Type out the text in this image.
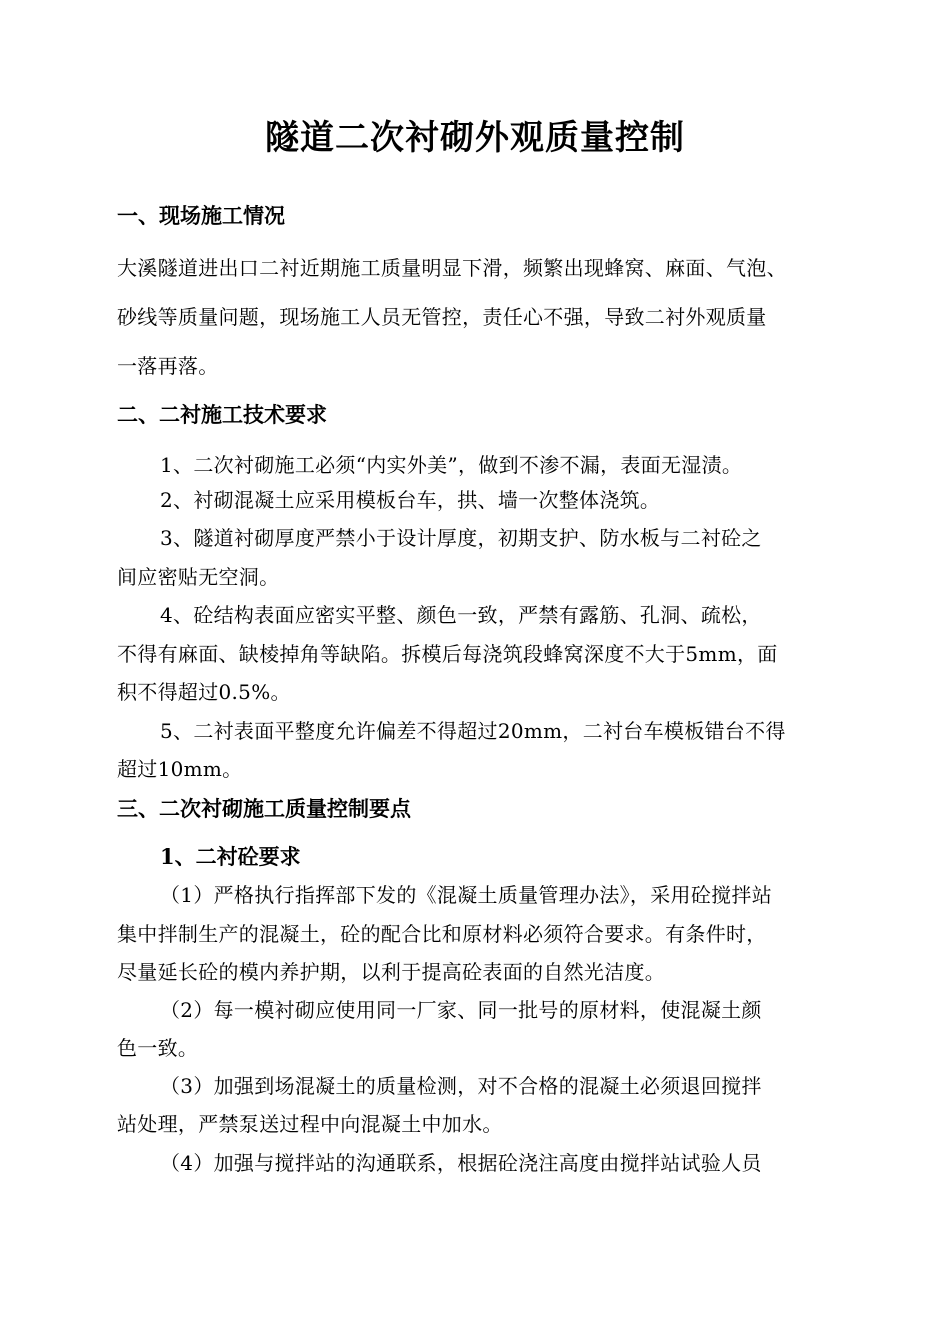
隧道二次衬砌外观质量控制
一、现场施工情况
大溪隧道进出口二衬近期施工质量明显下滑，频繁出现蜂窝、麻面、气泡、
砂线等质量问题，现场施工人员无管控，责任心不强，导致二衬外观质量
一落再落。
二、二衬施工技术要求
1、二次衬砌施工必须“内实外美”，做到不渗不漏，表面无湿渍。
2、衬砌混凝土应采用模板台车，拱、墙一次整体浇筑。
3、隧道衬砌厚度严禁小于设计厚度，初期支护、防水板与二衬砼之
间应密贴无空洞。
4、砼结构表面应密实平整、颜色一致，严禁有露筋、孔洞、疏松，
不得有麻面、缺棱掉角等缺陷。拆模后每浇筑段蜂窝深度不大于5mm，面
积不得超过0.5%。
5、二衬表面平整度允许偏差不得超过20mm，二衬台车模板错台不得
超过10mm。
三、二次衬砌施工质量控制要点
1、二衬砼要求
（1）严格执行指挥部下发的《混凝土质量管理办法》，采用砼搅拌站
集中拌制生产的混凝土，砼的配合比和原材料必须符合要求。有条件时，
尽量延长砼的模内养护期，以利于提高砼表面的自然光洁度。
（2）每一模衬砌应使用同一厂家、同一批号的原材料，使混凝土颜
色一致。
（3）加强到场混凝土的质量检测，对不合格的混凝土必须退回搅拌
站处理，严禁泵送过程中向混凝土中加水。
（4）加强与搅拌站的沟通联系，根据砼浇注高度由搅拌站试验人员
